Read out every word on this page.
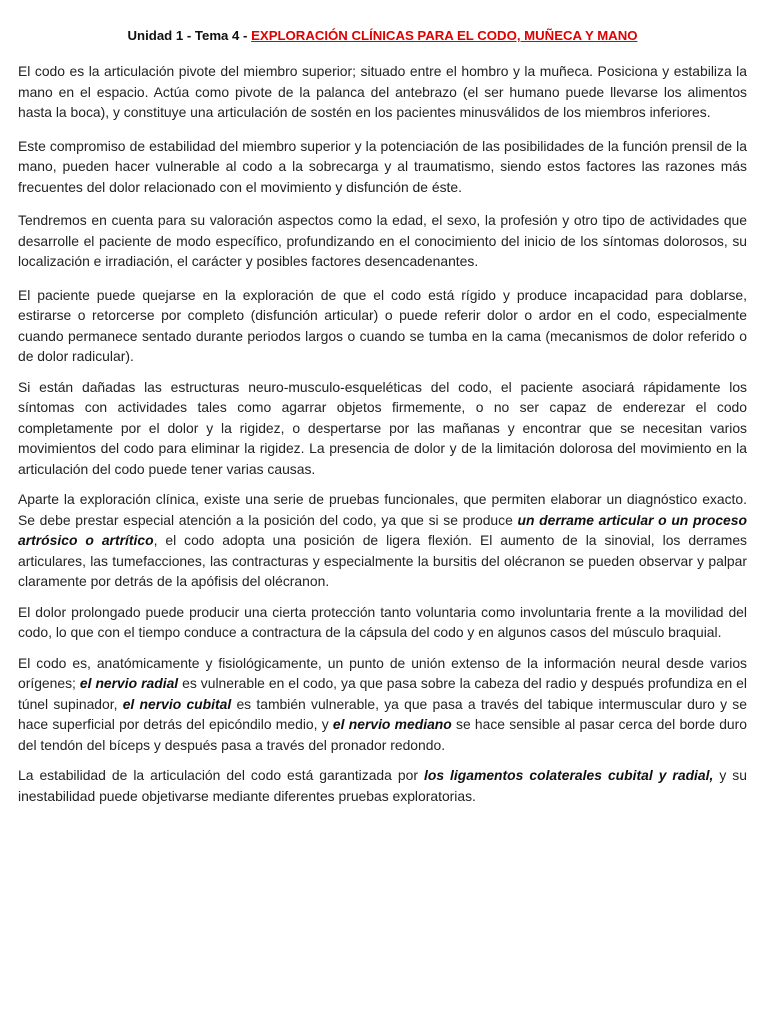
Unidad 1 - Tema 4 - EXPLORACIÓN CLÍNICAS PARA EL CODO, MUÑECA Y MANO

El codo es la articulación pivote del miembro superior; situado entre el hombro y la muñeca. Posiciona y estabiliza la mano en el espacio. Actúa como pivote de la palanca del antebrazo (el ser humano puede llevarse los alimentos hasta la boca), y constituye una articulación de sostén en los pacientes minusválidos de los miembros inferiores.

Este compromiso de estabilidad del miembro superior y la potenciación de las posibilidades de la función prensil de la mano, pueden hacer vulnerable al codo a la sobrecarga y al traumatismo, siendo estos factores las razones más frecuentes del dolor relacionado con el movimiento y disfunción de éste.

Tendremos en cuenta para su valoración aspectos como la edad, el sexo, la profesión y otro tipo de actividades que desarrolle el paciente de modo específico, profundizando en el conocimiento del inicio de los síntomas dolorosos, su localización e irradiación, el carácter y posibles factores desencadenantes.

El paciente puede quejarse en la exploración de que el codo está rígido y produce incapacidad para doblarse, estirarse o retorcerse por completo (disfunción articular) o puede referir dolor o ardor en el codo, especialmente cuando permanece sentado durante periodos largos o cuando se tumba en la cama (mecanismos de dolor referido o de dolor radicular).

Si están dañadas las estructuras neuro-musculo-esqueléticas del codo, el paciente asociará rápidamente los síntomas con actividades tales como agarrar objetos firmemente, o no ser capaz de enderezar el codo completamente por el dolor y la rigidez, o despertarse por las mañanas y encontrar que se necesitan varios movimientos del codo para eliminar la rigidez. La presencia de dolor y de la limitación dolorosa del movimiento en la articulación del codo puede tener varias causas.

Aparte la exploración clínica, existe una serie de pruebas funcionales, que permiten elaborar un diagnóstico exacto. Se debe prestar especial atención a la posición del codo, ya que si se produce un derrame articular o un proceso artrósico o artrítico, el codo adopta una posición de ligera flexión. El aumento de la sinovial, los derrames articulares, las tumefacciones, las contracturas y especialmente la bursitis del olécranon se pueden observar y palpar claramente por detrás de la apófisis del olécranon.

El dolor prolongado puede producir una cierta protección tanto voluntaria como involuntaria frente a la movilidad del codo, lo que con el tiempo conduce a contractura de la cápsula del codo y en algunos casos del músculo braquial.

El codo es, anatómicamente y fisiológicamente, un punto de unión extenso de la información neural desde varios orígenes; el nervio radial es vulnerable en el codo, ya que pasa sobre la cabeza del radio y después profundiza en el túnel supinador, el nervio cubital es también vulnerable, ya que pasa a través del tabique intermuscular duro y se hace superficial por detrás del epicóndilo medio, y el nervio mediano se hace sensible al pasar cerca del borde duro del tendón del bíceps y después pasa a través del pronador redondo.

La estabilidad de la articulación del codo está garantizada por los ligamentos colaterales cubital y radial, y su inestabilidad puede objetivarse mediante diferentes pruebas exploratorias.
